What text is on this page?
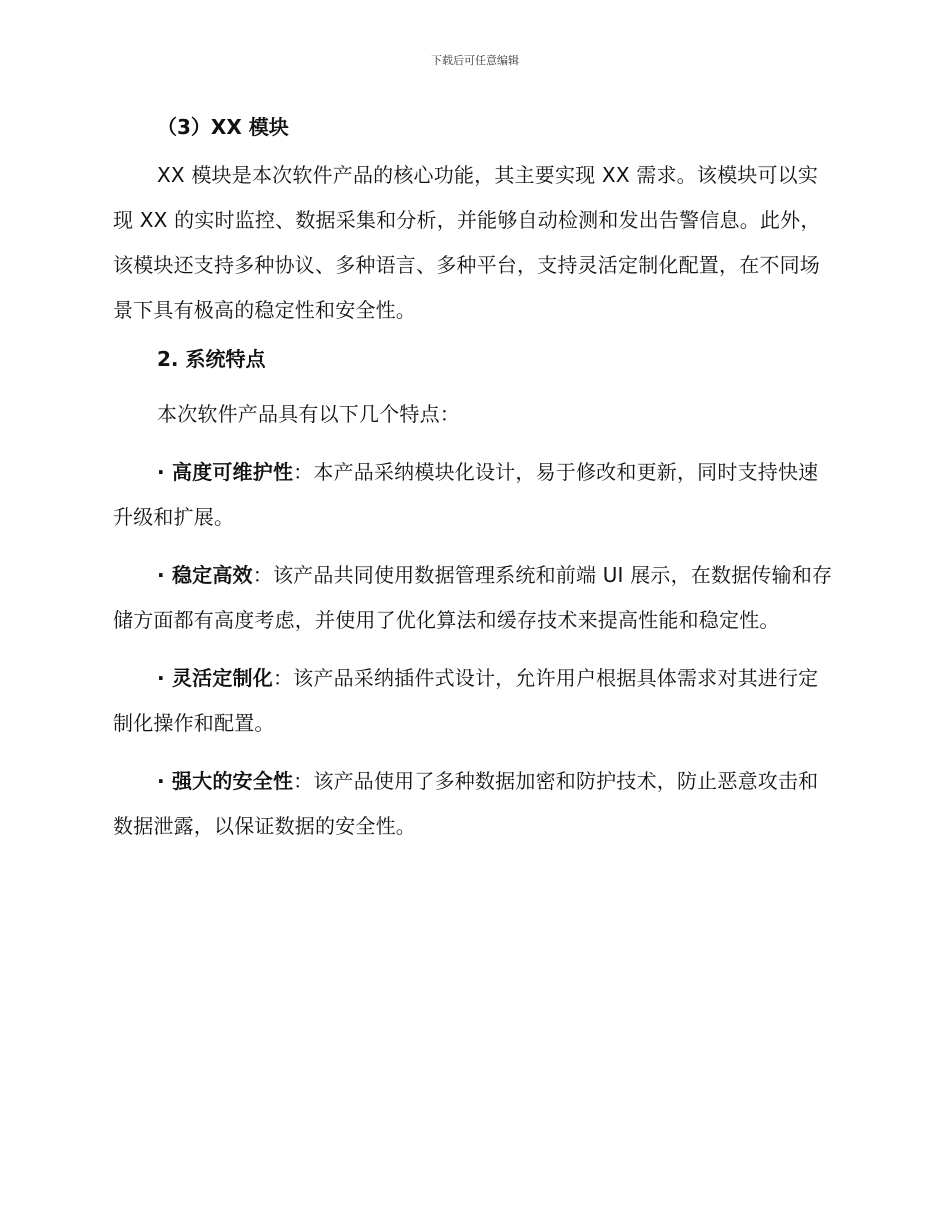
下载后可任意编辑
（3）XX 模块

XX 模块是本次软件产品的核心功能，其主要实现 XX 需求。该模块可以实现 XX 的实时监控、数据采集和分析，并能够自动检测和发出告警信息。此外，该模块还支持多种协议、多种语言、多种平台，支持灵活定制化配置，在不同场景下具有极高的稳定性和安全性。

2. 系统特点

本次软件产品具有以下几个特点：

· 高度可维护性：本产品采纳模块化设计，易于修改和更新，同时支持快速升级和扩展。

· 稳定高效：该产品共同使用数据管理系统和前端 UI 展示，在数据传输和存储方面都有高度考虑，并使用了优化算法和缓存技术来提高性能和稳定性。

· 灵活定制化：该产品采纳插件式设计，允许用户根据具体需求对其进行定制化操作和配置。

· 强大的安全性：该产品使用了多种数据加密和防护技术，防止恶意攻击和数据泄露，以保证数据的安全性。
